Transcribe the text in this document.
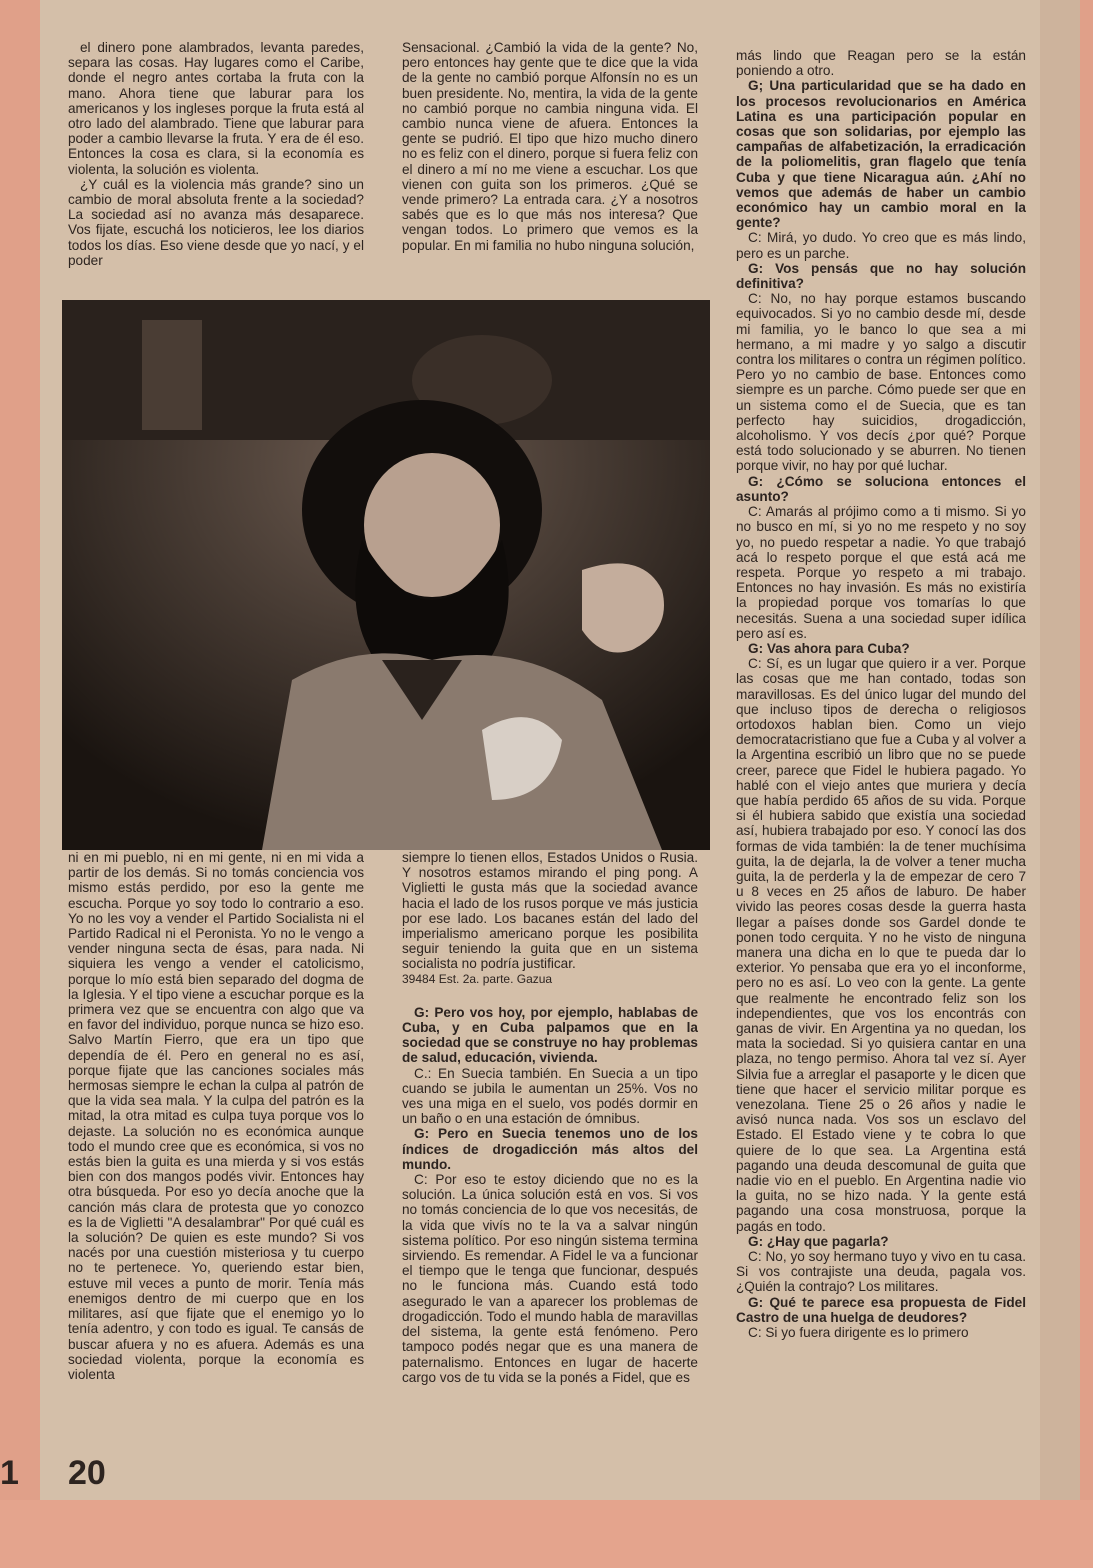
el dinero pone alambrados, levanta paredes, separa las cosas. Hay lugares como el Caribe, donde el negro antes cortaba la fruta con la mano. Ahora tiene que laburar para los americanos y los ingleses porque la fruta está al otro lado del alambrado. Tiene que laburar para poder a cambio llevarse la fruta. Y era de él eso. Entonces la cosa es clara, si la economía es violenta, la solución es violenta.

¿Y cuál es la violencia más grande? sino un cambio de moral absoluta frente a la sociedad? La sociedad así no avanza más desaparece. Vos fijate, escuchá los noticieros, lee los diarios todos los días. Eso viene desde que yo nací, y el poder

Sensacional. ¿Cambió la vida de la gente? No, pero entonces hay gente que te dice que la vida de la gente no cambió porque Alfonsín no es un buen presidente. No, mentira, la vida de la gente no cambió porque no cambia ninguna vida. El cambio nunca viene de afuera. Entonces la gente se pudrió. El tipo que hizo mucho dinero no es feliz con el dinero, porque si fuera feliz con el dinero a mí no me viene a escuchar. Los que vienen con guita son los primeros. ¿Qué se vende primero? La entrada cara. ¿Y a nosotros sabés que es lo que más nos interesa? Que vengan todos. Lo primero que vemos es la popular. En mi familia no hubo ninguna solución,

más lindo que Reagan pero se la están poniendo a otro.

G; Una particularidad que se ha dado en los procesos revolucionarios en América Latina es una participación popular en cosas que son solidarias, por ejemplo las campañas de alfabetización, la erradicación de la poliomelitis, gran flagelo que tenía Cuba y que tiene Nicaragua aún. ¿Ahí no vemos que además de haber un cambio económico hay un cambio moral en la gente?

C: Mirá, yo dudo. Yo creo que es más lindo, pero es un parche.

G: Vos pensás que no hay solución definitiva?

C: No, no hay porque estamos buscando equivocados. Si yo no cambio desde mí, desde mi familia, yo le banco lo que sea a mi hermano, a mi madre y yo salgo a discutir contra los militares o contra un régimen político. Pero yo no cambio de base. Entonces como siempre es un parche. Cómo puede ser que en un sistema como el de Suecia, que es tan perfecto hay suicidios, drogadicción, alcoholismo. Y vos decís ¿por qué? Porque está todo solucionado y se aburren. No tienen porque vivir, no hay por qué luchar.

G: ¿Cómo se soluciona entonces el asunto?

C: Amarás al prójimo como a ti mismo. Si yo no busco en mí, si yo no me respeto y no soy yo, no puedo respetar a nadie. Yo que trabajó acá lo respeto porque el que está acá me respeta. Porque yo respeto a mi trabajo. Entonces no hay invasión. Es más no existiría la propiedad porque vos tomarías lo que necesitás. Suena a una sociedad super idílica pero así es.

G: Vas ahora para Cuba?

C: Sí, es un lugar que quiero ir a ver. Porque las cosas que me han contado, todas son maravillosas. Es del único lugar del mundo del que incluso tipos de derecha o religiosos ortodoxos hablan bien. Como un viejo democratacristiano que fue a Cuba y al volver a la Argentina escribió un libro que no se puede creer, parece que Fidel le hubiera pagado. Yo hablé con el viejo antes que muriera y decía que había perdido 65 años de su vida. Porque si él hubiera sabido que existía una sociedad así, hubiera trabajado por eso. Y conocí las dos formas de vida también: la de tener muchísima guita, la de dejarla, la de volver a tener mucha guita, la de perderla y la de empezar de cero 7 u 8 veces en 25 años de laburo. De haber vivido las peores cosas desde la guerra hasta llegar a países donde sos Gardel donde te ponen todo cerquita. Y no he visto de ninguna manera una dicha en lo que te pueda dar lo exterior. Yo pensaba que era yo el inconforme, pero no es así. Lo veo con la gente. La gente que realmente he encontrado feliz son los independientes, que vos los encontrás con ganas de vivir. En Argentina ya no quedan, los mata la sociedad. Si yo quisiera cantar en una plaza, no tengo permiso. Ahora tal vez sí. Ayer Silvia fue a arreglar el pasaporte y le dicen que tiene que hacer el servicio militar porque es venezolana. Tiene 25 o 26 años y nadie le avisó nunca nada. Vos sos un esclavo del Estado. El Estado viene y te cobra lo que quiere de lo que sea. La Argentina está pagando una deuda descomunal de guita que nadie vio en el pueblo. En Argentina nadie vio la guita, no se hizo nada. Y la gente está pagando una cosa monstruosa, porque la pagás en todo.

G: ¿Hay que pagarla?

C: No, yo soy hermano tuyo y vivo en tu casa. Si vos contrajiste una deuda, pagala vos. ¿Quién la contrajo? Los militares.

G: Qué te parece esa propuesta de Fidel Castro de una huelga de deudores?

C: Si yo fuera dirigente es lo primero

ni en mi pueblo, ni en mi gente, ni en mi vida a partir de los demás. Si no tomás conciencia vos mismo estás perdido, por eso la gente me escucha. Porque yo soy todo lo contrario a eso. Yo no les voy a vender el Partido Socialista ni el Partido Radical ni el Peronista. Yo no le vengo a vender ninguna secta de ésas, para nada. Ni siquiera les vengo a vender el catolicismo, porque lo mío está bien separado del dogma de la Iglesia. Y el tipo viene a escuchar porque es la primera vez que se encuentra con algo que va en favor del individuo, porque nunca se hizo eso. Salvo Martín Fierro, que era un tipo que dependía de él. Pero en general no es así, porque fijate que las canciones sociales más hermosas siempre le echan la culpa al patrón de que la vida sea mala. Y la culpa del patrón es la mitad, la otra mitad es culpa tuya porque vos lo dejaste. La solución no es económica aunque todo el mundo cree que es económica, si vos no estás bien la guita es una mierda y si vos estás bien con dos mangos podés vivir. Entonces hay otra búsqueda. Por eso yo decía anoche que la canción más clara de protesta que yo conozco es la de Viglietti "A desalambrar" Por qué cuál es la solución? De quien es este mundo? Si vos nacés por una cuestión misteriosa y tu cuerpo no te pertenece. Yo, queriendo estar bien, estuve mil veces a punto de morir. Tenía más enemigos dentro de mi cuerpo que en los militares, así que fijate que el enemigo yo lo tenía adentro, y con todo es igual. Te cansás de buscar afuera y no es afuera. Además es una sociedad violenta, porque la economía es violenta

siempre lo tienen ellos, Estados Unidos o Rusia. Y nosotros estamos mirando el ping pong. A Viglietti le gusta más que la sociedad avance hacia el lado de los rusos porque ve más justicia por ese lado. Los bacanes están del lado del imperialismo americano porque les posibilita seguir teniendo la guita que en un sistema socialista no podría justificar.

39484 Est. 2a. parte. Gazua

G: Pero vos hoy, por ejemplo, hablabas de Cuba, y en Cuba palpamos que en la sociedad que se construye no hay problemas de salud, educación, vivienda.

C.: En Suecia también. En Suecia a un tipo cuando se jubila le aumentan un 25%. Vos no ves una miga en el suelo, vos podés dormir en un baño o en una estación de ómnibus.

G: Pero en Suecia tenemos uno de los índices de drogadicción más altos del mundo.

C: Por eso te estoy diciendo que no es la solución. La única solución está en vos. Si vos no tomás conciencia de lo que vos necesitás, de la vida que vivís no te la va a salvar ningún sistema político. Por eso ningún sistema termina sirviendo. Es remendar. A Fidel le va a funcionar el tiempo que le tenga que funcionar, después no le funciona más. Cuando está todo asegurado le van a aparecer los problemas de drogadicción. Todo el mundo habla de maravillas del sistema, la gente está fenómeno. Pero tampoco podés negar que es una manera de paternalismo. Entonces en lugar de hacerte cargo vos de tu vida se la ponés a Fidel, que es

1 20
